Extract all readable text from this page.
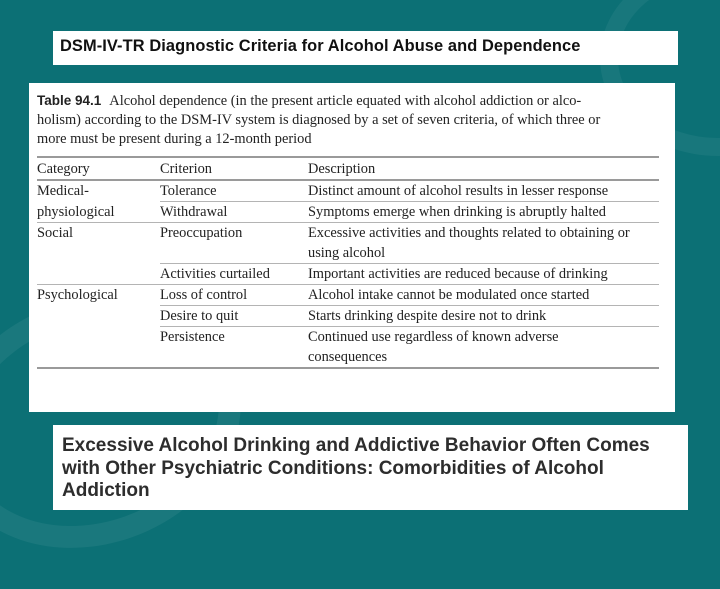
DSM-IV-TR Diagnostic Criteria for Alcohol Abuse and Dependence
Table 94.1 Alcohol dependence (in the present article equated with alcohol addiction or alco-
holism) according to the DSM-IV system is diagnosed by a set of seven criteria, of which three or
more must be present during a 12-month period
Category	Criterion	Description
Medical-	Tolerance	Distinct amount of alcohol results in lesser response
physiological	Withdrawal	Symptoms emerge when drinking is abruptly halted
Social	Preoccupation	Excessive activities and thoughts related to obtaining or
using alcohol
	Activities curtailed	Important activities are reduced because of drinking
Psychological	Loss of control	Alcohol intake cannot be modulated once started
	Desire to quit	Starts drinking despite desire not to drink
	Persistence	Continued use regardless of known adverse
consequences
Excessive Alcohol Drinking and Addictive Behavior Often Comes
with Other Psychiatric Conditions: Comorbidities of Alcohol
Addiction
